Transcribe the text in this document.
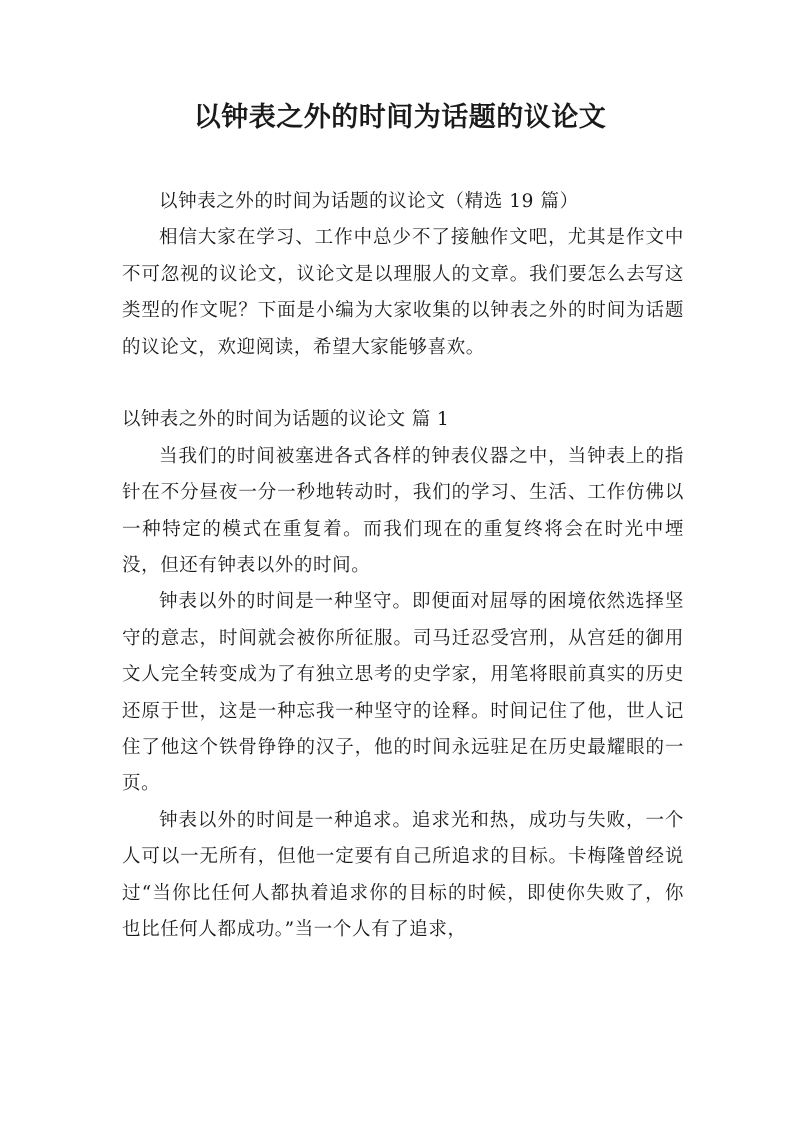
以钟表之外的时间为话题的议论文

以钟表之外的时间为话题的议论文（精选 19 篇）

相信大家在学习、工作中总少不了接触作文吧，尤其是作文中不可忽视的议论文，议论文是以理服人的文章。我们要怎么去写这类型的作文呢？下面是小编为大家收集的以钟表之外的时间为话题的议论文，欢迎阅读，希望大家能够喜欢。

以钟表之外的时间为话题的议论文 篇 1

当我们的时间被塞进各式各样的钟表仪器之中，当钟表上的指针在不分昼夜一分一秒地转动时，我们的学习、生活、工作仿佛以一种特定的模式在重复着。而我们现在的重复终将会在时光中堙没，但还有钟表以外的时间。

钟表以外的时间是一种坚守。即便面对屈辱的困境依然选择坚守的意志，时间就会被你所征服。司马迁忍受宫刑，从宫廷的御用文人完全转变成为了有独立思考的史学家，用笔将眼前真实的历史还原于世，这是一种忘我一种坚守的诠释。时间记住了他，世人记住了他这个铁骨铮铮的汉子，他的时间永远驻足在历史最耀眼的一页。

钟表以外的时间是一种追求。追求光和热，成功与失败，一个人可以一无所有，但他一定要有自己所追求的目标。卡梅隆曾经说过“当你比任何人都执着追求你的目标的时候，即使你失败了，你也比任何人都成功。”当一个人有了追求，
